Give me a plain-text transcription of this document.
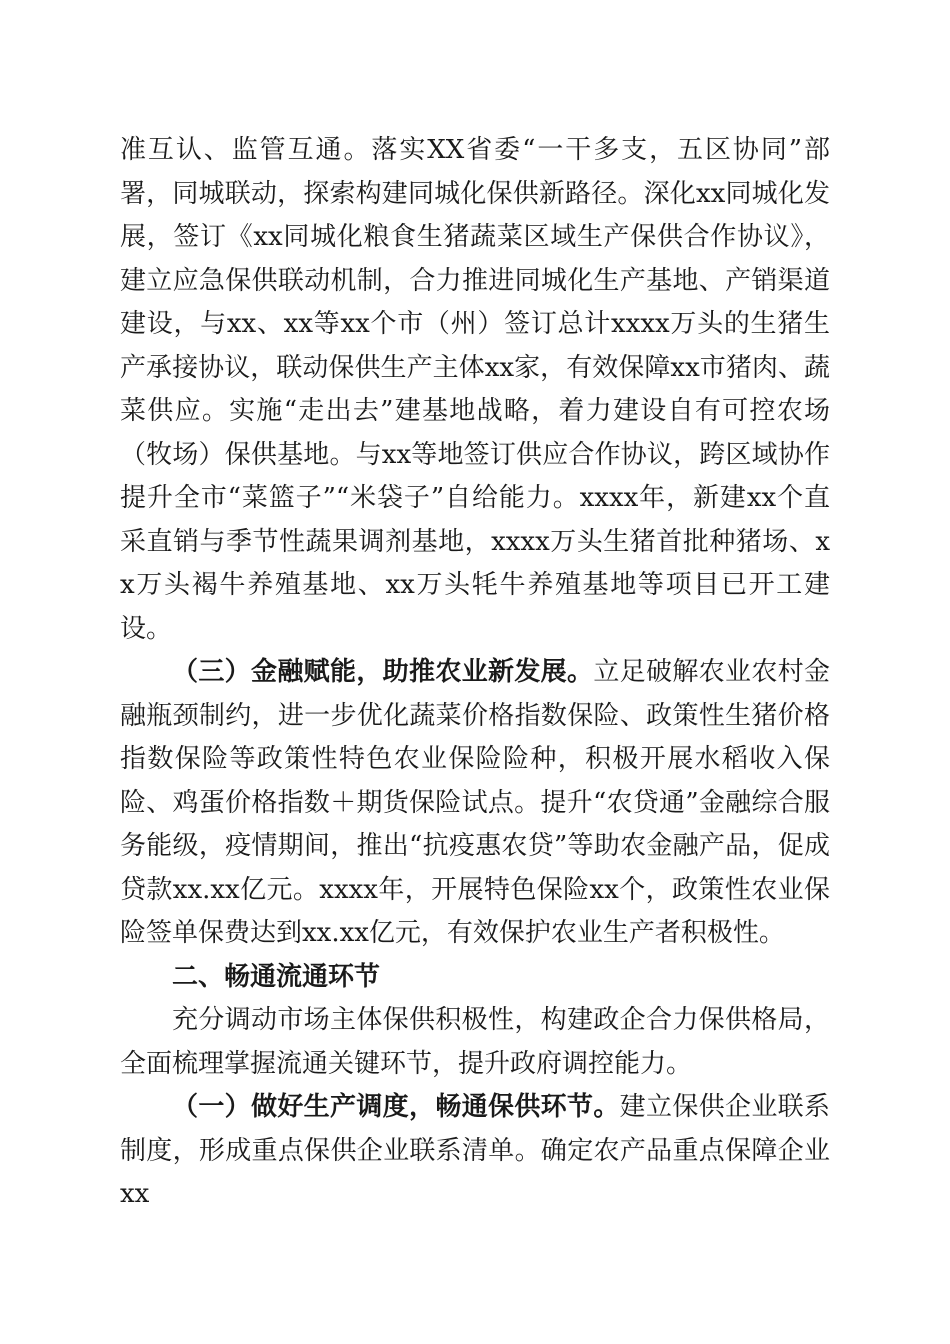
准互认、监管互通。落实XX省委“一干多支，五区协同”部署，同城联动，探索构建同城化保供新路径。深化xx同城化发展，签订《xx同城化粮食生猪蔬菜区域生产保供合作协议》，建立应急保供联动机制，合力推进同城化生产基地、产销渠道建设，与xx、xx等xx个市（州）签订总计xxxx万头的生猪生产承接协议，联动保供生产主体xx家，有效保障xx市猪肉、蔬菜供应。实施“走出去”建基地战略，着力建设自有可控农场（牧场）保供基地。与xx等地签订供应合作协议，跨区域协作提升全市“菜篮子”“米袋子”自给能力。xxxx年，新建xx个直采直销与季节性蔬果调剂基地，xxxx万头生猪首批种猪场、xx万头褐牛养殖基地、xx万头牦牛养殖基地等项目已开工建设。

（三）金融赋能，助推农业新发展。立足破解农业农村金融瓶颈制约，进一步优化蔬菜价格指数保险、政策性生猪价格指数保险等政策性特色农业保险险种，积极开展水稻收入保险、鸡蛋价格指数＋期货保险试点。提升“农贷通”金融综合服务能级，疫情期间，推出“抗疫惠农贷”等助农金融产品，促成贷款xx.xx亿元。xxxx年，开展特色保险xx个，政策性农业保险签单保费达到xx.xx亿元，有效保护农业生产者积极性。

二、畅通流通环节

充分调动市场主体保供积极性，构建政企合力保供格局，全面梳理掌握流通关键环节，提升政府调控能力。

（一）做好生产调度，畅通保供环节。建立保供企业联系制度，形成重点保供企业联系清单。确定农产品重点保障企业xx
